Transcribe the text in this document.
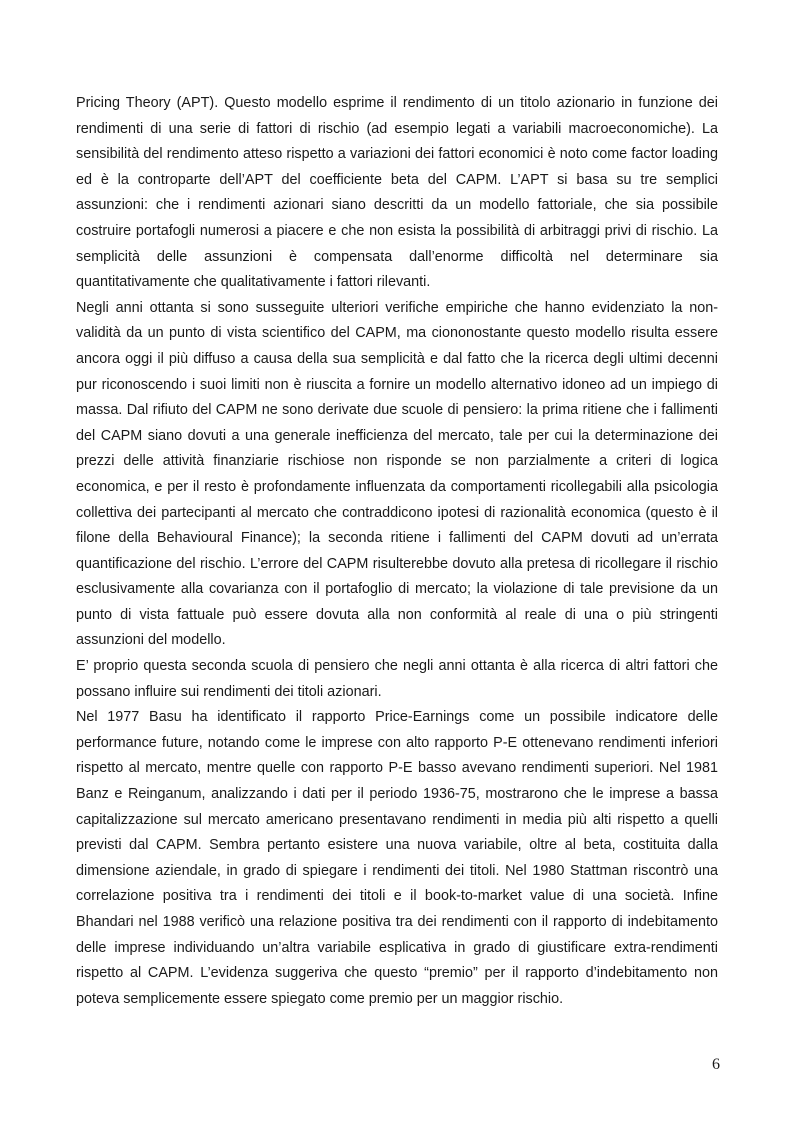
Pricing Theory (APT). Questo modello esprime il rendimento di un titolo azionario in funzione dei rendimenti di una serie di fattori di rischio (ad esempio legati a variabili macroeconomiche). La sensibilità del rendimento atteso rispetto a variazioni dei fattori economici è noto come factor loading ed è la controparte dell’APT del coefficiente beta del CAPM. L’APT si basa su tre semplici assunzioni: che i rendimenti azionari siano descritti da un modello fattoriale, che sia possibile costruire portafogli numerosi a piacere e che non esista la possibilità di arbitraggi privi di rischio. La semplicità delle assunzioni è compensata dall’enorme difficoltà nel determinare sia quantitativamente che qualitativamente i fattori rilevanti.

Negli anni ottanta si sono susseguite ulteriori verifiche empiriche che hanno evidenziato la non-validità da un punto di vista scientifico del CAPM, ma ciononostante questo modello risulta essere ancora oggi il più diffuso a causa della sua semplicità e dal fatto che la ricerca degli ultimi decenni pur riconoscendo i suoi limiti non è riuscita a fornire un modello alternativo idoneo ad un impiego di massa. Dal rifiuto del CAPM ne sono derivate due scuole di pensiero: la prima ritiene che i fallimenti del CAPM siano dovuti a una generale inefficienza del mercato, tale per cui la determinazione dei prezzi delle attività finanziarie rischiose non risponde se non parzialmente a criteri di logica economica, e per il resto è profondamente influenzata da comportamenti ricollegabili alla psicologia collettiva dei partecipanti al mercato che contraddicono ipotesi di razionalità economica (questo è il filone della Behavioural Finance); la seconda ritiene i fallimenti del CAPM dovuti ad un’errata quantificazione del rischio. L’errore del CAPM risulterebbe dovuto alla pretesa di ricollegare il rischio esclusivamente alla covarianza con il portafoglio di mercato; la violazione di tale previsione da un punto di vista fattuale può essere dovuta alla non conformità al reale di una o più stringenti assunzioni del modello.

E’ proprio questa seconda scuola di pensiero che negli anni ottanta è alla ricerca di altri fattori che possano influire sui rendimenti dei titoli azionari.

Nel 1977 Basu ha identificato il rapporto Price-Earnings come un possibile indicatore delle performance future, notando come le imprese con alto rapporto P-E ottenevano rendimenti inferiori rispetto al mercato, mentre quelle con rapporto P-E basso avevano rendimenti superiori. Nel 1981 Banz e Reinganum, analizzando i dati per il periodo 1936-75, mostrarono che le imprese a bassa capitalizzazione sul mercato americano presentavano rendimenti in media più alti rispetto a quelli previsti dal CAPM. Sembra pertanto esistere una nuova variabile, oltre al beta, costituita dalla dimensione aziendale, in grado di spiegare i rendimenti dei titoli. Nel 1980 Stattman riscontrò una correlazione positiva tra i rendimenti dei titoli e il book-to-market value di una società. Infine Bhandari nel 1988 verificò una relazione positiva tra dei rendimenti con il rapporto di indebitamento delle imprese individuando un’altra variabile esplicativa in grado di giustificare extra-rendimenti rispetto al CAPM. L’evidenza suggeriva che questo “premio” per il rapporto d’indebitamento non poteva semplicemente essere spiegato come premio per un maggior rischio.

6
